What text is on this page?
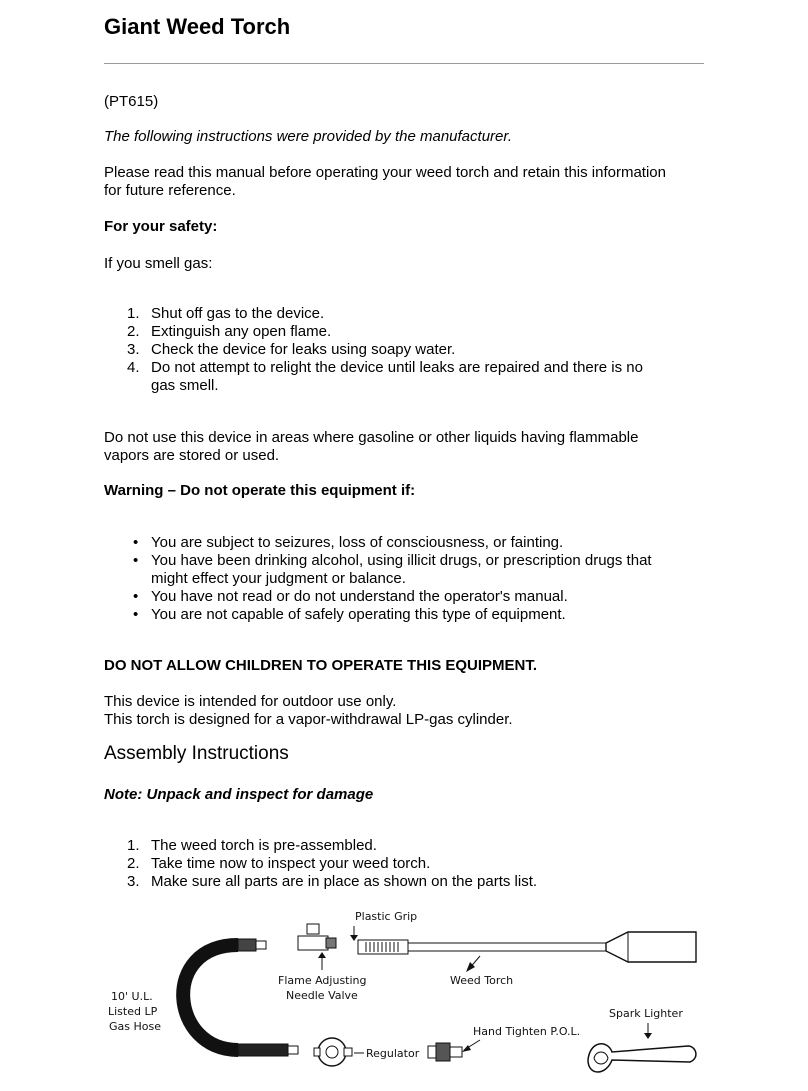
Giant Weed Torch

(PT615)

The following instructions were provided by the manufacturer.

Please read this manual before operating your weed torch and retain this information

for future reference.

For your safety:

If you smell gas:

1. Shut off gas to the device.
2. Extinguish any open flame.
3. Check the device for leaks using soapy water.
4. Do not attempt to relight the device until leaks are repaired and there is no
gas smell.

Do not use this device in areas where gasoline or other liquids having flammable

vapors are stored or used.

Warning – Do not operate this equipment if:

• You are subject to seizures, loss of consciousness, or fainting.
• You have been drinking alcohol, using illicit drugs, or prescription drugs that
might effect your judgment or balance.
• You have not read or do not understand the operator's manual.
• You are not capable of safely operating this type of equipment.

DO NOT ALLOW CHILDREN TO OPERATE THIS EQUIPMENT.

This device is intended for outdoor use only.

This torch is designed for a vapor-withdrawal LP-gas cylinder.

Assembly Instructions

Note: Unpack and inspect for damage

1. The weed torch is pre-assembled.
2. Take time now to inspect your weed torch.
3. Make sure all parts are in place as shown on the parts list.
Plastic Grip
Flame Adjusting
Needle Valve
Weed Torch
10' U.L.
Listed LP
Gas Hose
Spark Lighter
Hand Tighten P.O.L.
Regulator
